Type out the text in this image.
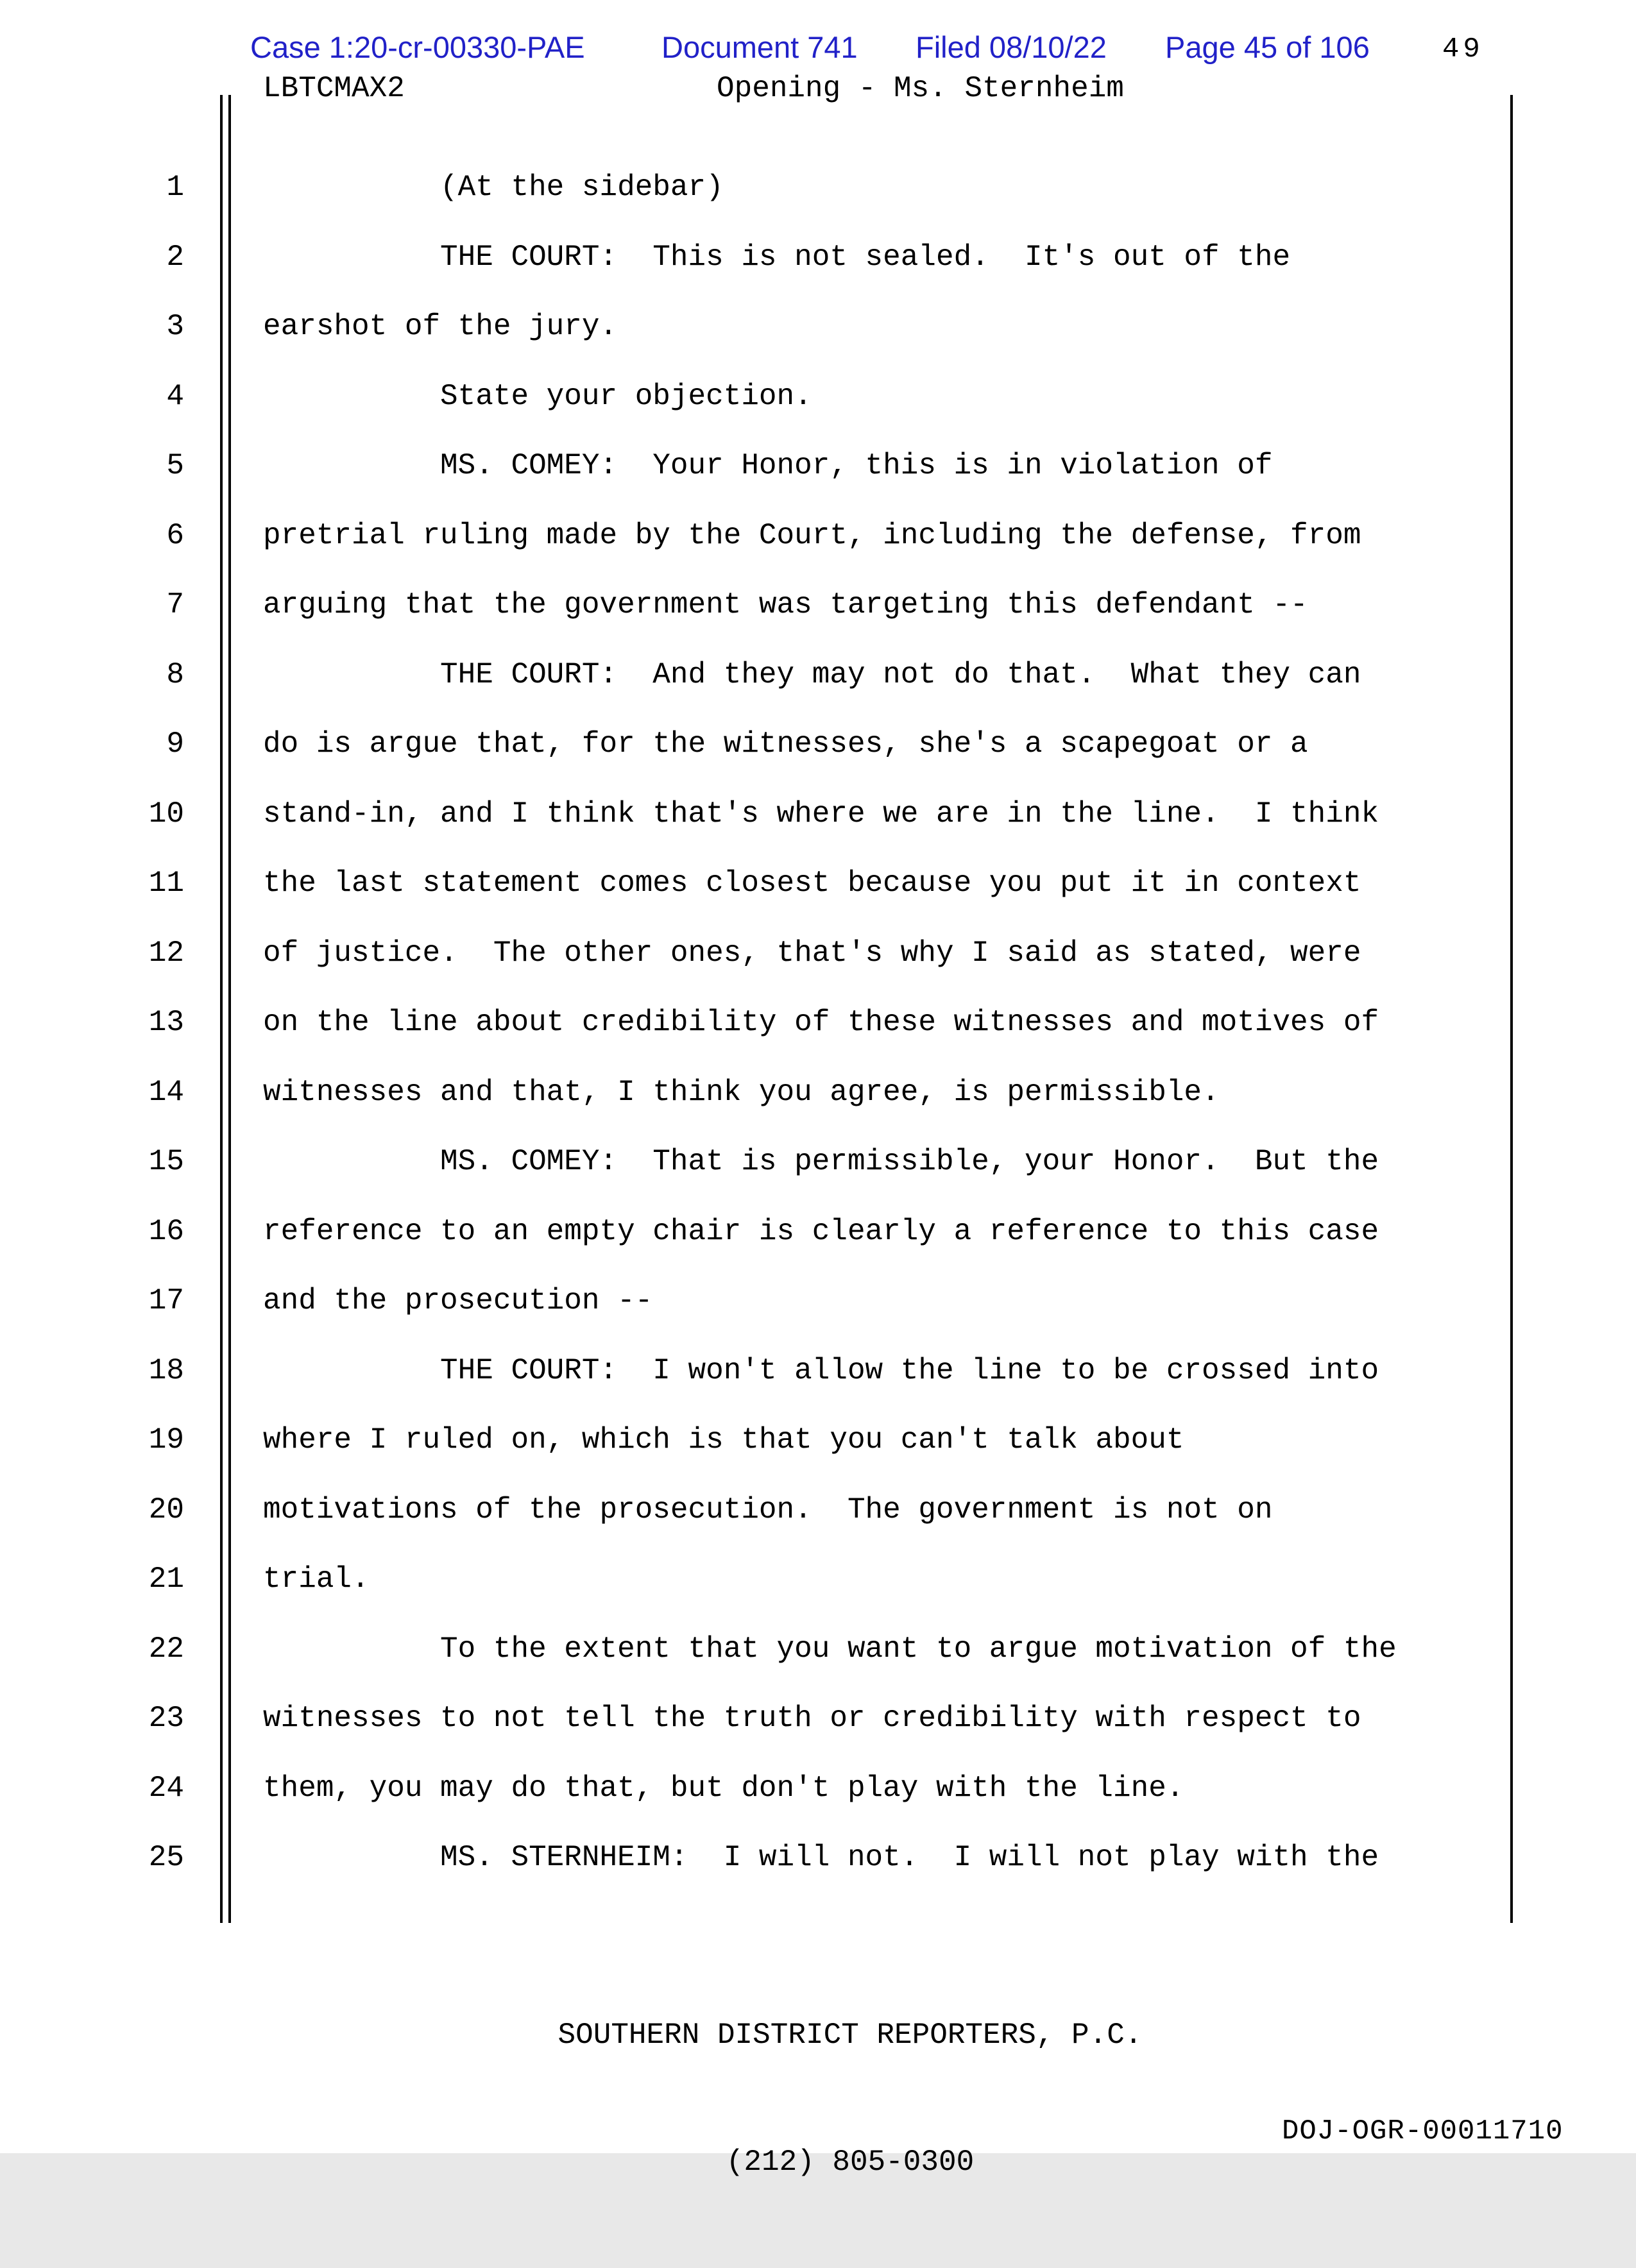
Case 1:20-cr-00330-PAE	Document 741 Filed 08/10/22 Page 45 of 106	49
LBTCMAX2	Opening - Ms. Sternheim
1	(At the sidebar)
2	THE COURT:  This is not sealed.  It's out of the
3	earshot of the jury.
4	State your objection.
5	MS. COMEY:  Your Honor, this is in violation of
6	pretrial ruling made by the Court, including the defense, from
7	arguing that the government was targeting this defendant --
8	THE COURT:  And they may not do that.  What they can
9	do is argue that, for the witnesses, she's a scapegoat or a
10	stand-in, and I think that's where we are in the line.  I think
11	the last statement comes closest because you put it in context
12	of justice.  The other ones, that's why I said as stated, were
13	on the line about credibility of these witnesses and motives of
14	witnesses and that, I think you agree, is permissible.
15	MS. COMEY:  That is permissible, your Honor.  But the
16	reference to an empty chair is clearly a reference to this case
17	and the prosecution --
18	THE COURT:  I won't allow the line to be crossed into
19	where I ruled on, which is that you can't talk about
20	motivations of the prosecution.  The government is not on
21	trial.
22	To the extent that you want to argue motivation of the
23	witnesses to not tell the truth or credibility with respect to
24	them, you may do that, but don't play with the line.
25	MS. STERNHEIM:  I will not.  I will not play with the

SOUTHERN DISTRICT REPORTERS, P.C.

(212) 805-0300

DOJ-OGR-00011710
